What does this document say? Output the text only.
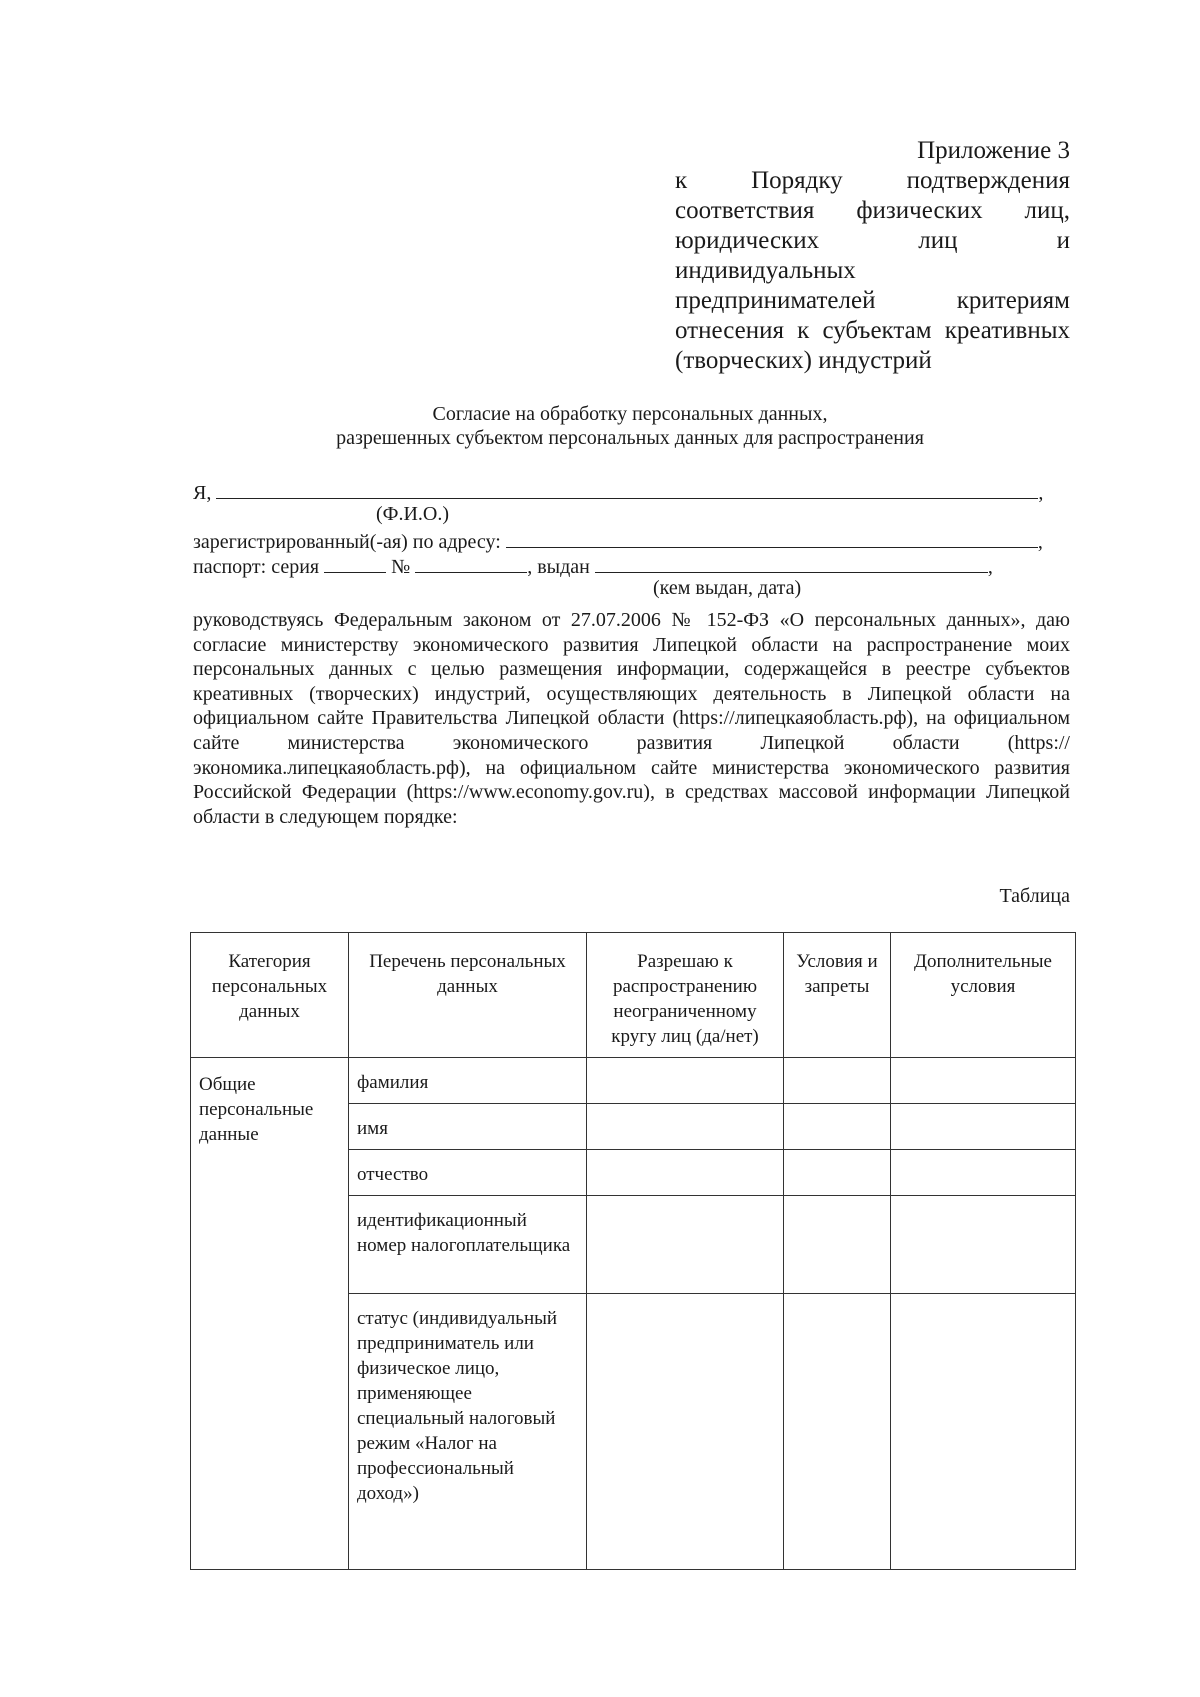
Приложение 3
к Порядку подтверждения
соответствия физических лиц,
юридических лиц и
индивидуальных
предпринимателей критериям
отнесения к субъектам креативных
(творческих) индустрий
Согласие на обработку персональных данных,
разрешенных субъектом персональных данных для распространения
Я,	,
(Ф.И.О.)
зарегистрированный(-ая) по адресу:	,
паспорт: серия	№	, выдан	,
(кем выдан, дата)
руководствуясь Федеральным законом от 27.07.2006 № 152-ФЗ «О персональных данных», даю согласие министерству экономического развития Липецкой области на распространение моих персональных данных с целью размещения информации, содержащейся в реестре субъектов креативных (творческих) индустрий, осуществляющих деятельность в Липецкой области на официальном сайте Правительства Липецкой области (https://липецкаяобласть.рф), на официальном сайте министерства экономического развития Липецкой области (https://экономика.липецкаяобласть.рф), на официальном сайте министерства экономического развития Российской Федерации (https://www.economy.gov.ru), в средствах массовой информации Липецкой области в следующем порядке:
Таблица
Категория персональных данных	Перечень персональных данных	Разрешаю к распространению неограниченному кругу лиц (да/нет)	Условия и запреты	Дополнительные условия
Общие персональные данные	фамилия			
	имя			
	отчество			
	идентификационный номер налогоплательщика			
	статус (индивидуальный предприниматель или физическое лицо, применяющее специальный налоговый режим «Налог на профессиональный доход»)			
